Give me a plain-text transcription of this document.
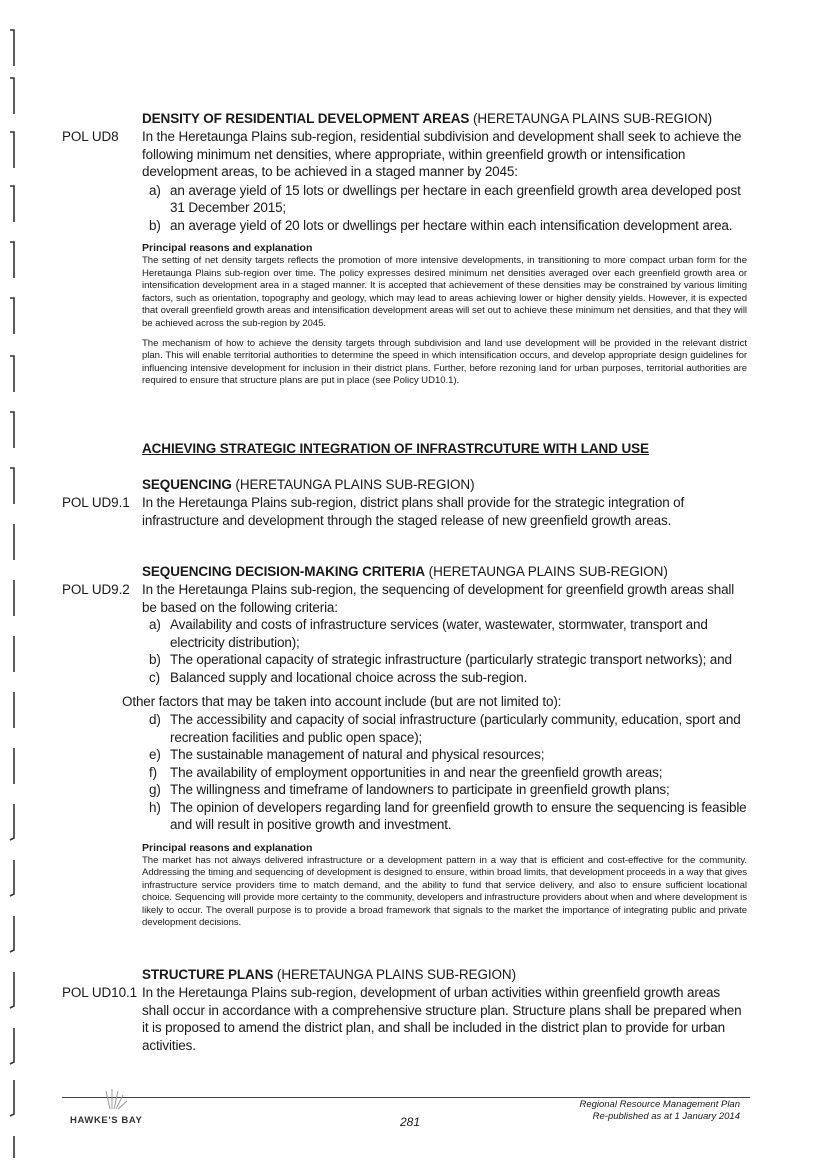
POL UD8
DENSITY OF RESIDENTIAL DEVELOPMENT AREAS (HERETAUNGA PLAINS SUB-REGION)

In the Heretaunga Plains sub-region, residential subdivision and development shall seek to achieve the following minimum net densities, where appropriate, within greenfield growth or intensification development areas, to be achieved in a staged manner by 2045:

a) an average yield of 15 lots or dwellings per hectare in each greenfield growth area developed post 31 December 2015;
b) an average yield of 20 lots or dwellings per hectare within each intensification development area.

Principal reasons and explanation

The setting of net density targets reflects the promotion of more intensive developments, in transitioning to more compact urban form for the Heretaunga Plains sub-region over time. The policy expresses desired minimum net densities averaged over each greenfield growth area or intensification development area in a staged manner. It is accepted that achievement of these densities may be constrained by various limiting factors, such as orientation, topography and geology, which may lead to areas achieving lower or higher density yields. However, it is expected that overall greenfield growth areas and intensification development areas will set out to achieve these minimum net densities, and that they will be achieved across the sub-region by 2045.

The mechanism of how to achieve the density targets through subdivision and land use development will be provided in the relevant district plan. This will enable territorial authorities to determine the speed in which intensification occurs, and develop appropriate design guidelines for influencing intensive development for inclusion in their district plans. Further, before rezoning land for urban purposes, territorial authorities are required to ensure that structure plans are put in place (see Policy UD10.1).

ACHIEVING STRATEGIC INTEGRATION OF INFRASTRCUTURE WITH LAND USE
POL UD9.1
SEQUENCING (HERETAUNGA PLAINS SUB-REGION)

In the Heretaunga Plains sub-region, district plans shall provide for the strategic integration of infrastructure and development through the staged release of new greenfield growth areas.

POL UD9.2
SEQUENCING DECISION-MAKING CRITERIA (HERETAUNGA PLAINS SUB-REGION)

In the Heretaunga Plains sub-region, the sequencing of development for greenfield growth areas shall be based on the following criteria:

a) Availability and costs of infrastructure services (water, wastewater, stormwater, transport and electricity distribution);
b) The operational capacity of strategic infrastructure (particularly strategic transport networks); and
c) Balanced supply and locational choice across the sub-region.
Other factors that may be taken into account include (but are not limited to):
d) The accessibility and capacity of social infrastructure (particularly community, education, sport and recreation facilities and public open space);
e) The sustainable management of natural and physical resources;
f) The availability of employment opportunities in and near the greenfield growth areas;
g) The willingness and timeframe of landowners to participate in greenfield growth plans;
h) The opinion of developers regarding land for greenfield growth to ensure the sequencing is feasible and will result in positive growth and investment.

Principal reasons and explanation

The market has not always delivered infrastructure or a development pattern in a way that is efficient and cost-effective for the community. Addressing the timing and sequencing of development is designed to ensure, within broad limits, that development proceeds in a way that gives infrastructure service providers time to match demand, and the ability to fund that service delivery, and also to ensure sufficient locational choice. Sequencing will provide more certainty to the community, developers and infrastructure providers about when and where development is likely to occur. The overall purpose is to provide a broad framework that signals to the market the importance of integrating public and private development decisions.

POL UD10.1
STRUCTURE PLANS (HERETAUNGA PLAINS SUB-REGION)

In the Heretaunga Plains sub-region, development of urban activities within greenfield growth areas shall occur in accordance with a comprehensive structure plan. Structure plans shall be prepared when it is proposed to amend the district plan, and shall be included in the district plan to provide for urban activities.

HAWKE'S BAY	281
Regional Resource Management Plan
Re-published as at 1 January 2014
